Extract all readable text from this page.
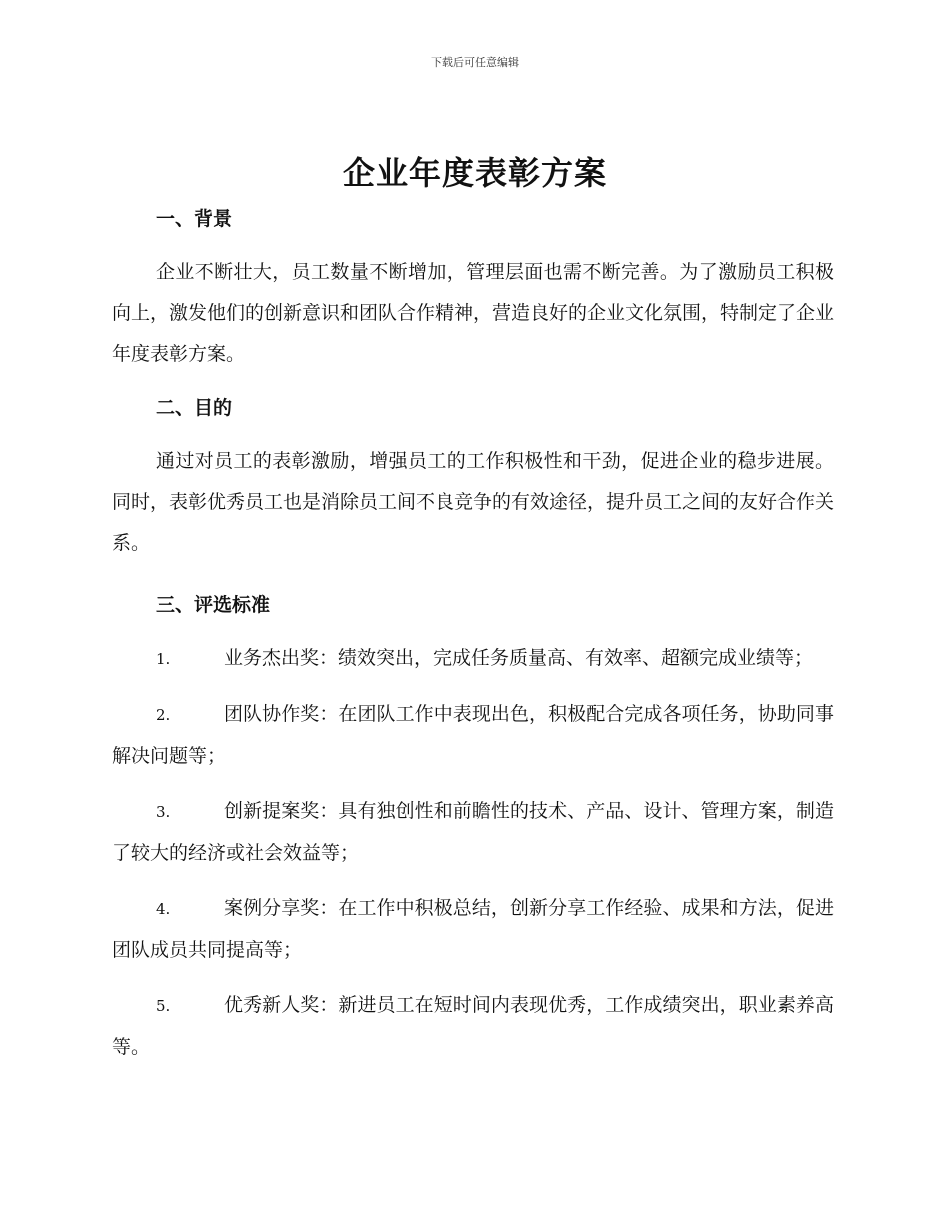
下载后可任意编辑
企业年度表彰方案
一、背景

企业不断壮大，员工数量不断增加，管理层面也需不断完善。为了激励员工积极向上，激发他们的创新意识和团队合作精神，营造良好的企业文化氛围，特制定了企业年度表彰方案。

二、目的

通过对员工的表彰激励，增强员工的工作积极性和干劲，促进企业的稳步进展。同时，表彰优秀员工也是消除员工间不良竞争的有效途径，提升员工之间的友好合作关系。

三、评选标准

1.	业务杰出奖：绩效突出，完成任务质量高、有效率、超额完成业绩等；

2.	团队协作奖：在团队工作中表现出色，积极配合完成各项任务，协助同事解决问题等；

3.	创新提案奖：具有独创性和前瞻性的技术、产品、设计、管理方案，制造了较大的经济或社会效益等；

4.	案例分享奖：在工作中积极总结，创新分享工作经验、成果和方法，促进团队成员共同提高等；

5.	优秀新人奖：新进员工在短时间内表现优秀，工作成绩突出，职业素养高等。
